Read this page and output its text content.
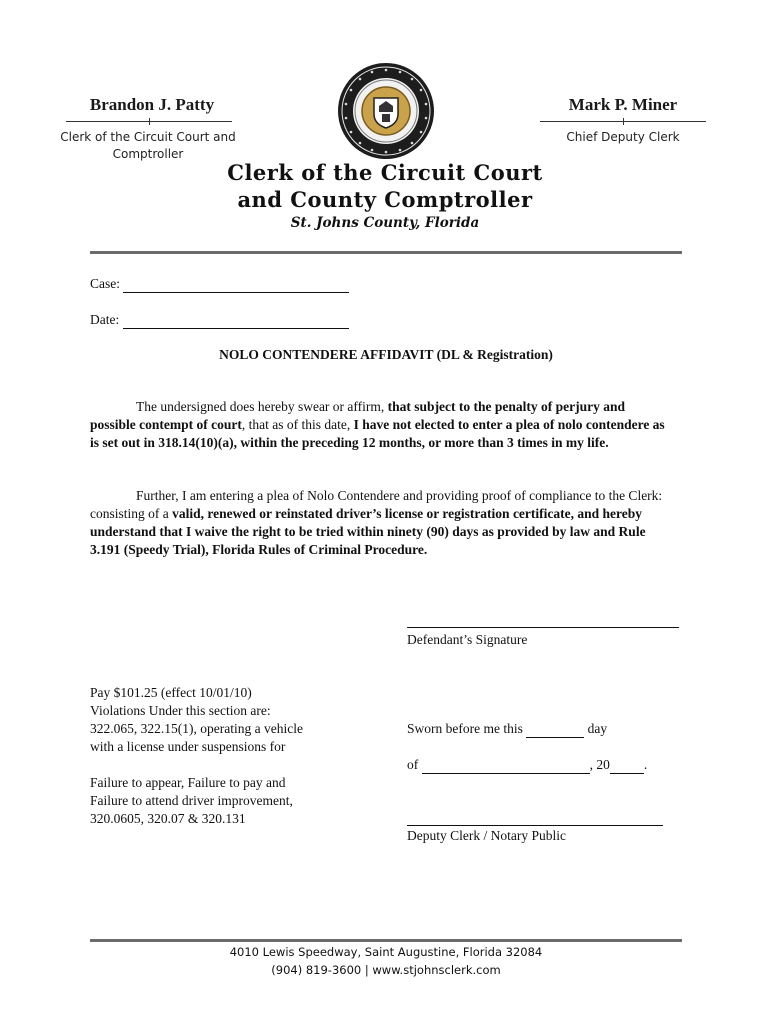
Brandon J. Patty
Clerk of the Circuit Court and Comptroller
Mark P. Miner
Chief Deputy Clerk
Clerk of the Circuit Court
and County Comptroller
St. Johns County, Florida
Case:
Date:
NOLO CONTENDERE AFFIDAVIT (DL & Registration)
The undersigned does hereby swear or affirm, that subject to the penalty of perjury and possible contempt of court, that as of this date, I have not elected to enter a plea of nolo contendere as is set out in 318.14(10)(a), within the preceding 12 months, or more than 3 times in my life.
Further, I am entering a plea of Nolo Contendere and providing proof of compliance to the Clerk: consisting of a valid, renewed or reinstated driver’s license or registration certificate, and hereby understand that I waive the right to be tried within ninety (90) days as provided by law and Rule 3.191 (Speedy Trial), Florida Rules of Criminal Procedure.
Defendant’s Signature
Pay $101.25 (effect 10/01/10)
Violations Under this section are:
322.065, 322.15(1), operating a vehicle
with a license under suspensions for
Failure to appear, Failure to pay and
Failure to attend driver improvement,
320.0605, 320.07 & 320.131
Sworn before me this	day
of	, 20	.
Deputy Clerk / Notary Public
4010 Lewis Speedway, Saint Augustine, Florida 32084
(904) 819-3600 | www.stjohnsclerk.com
